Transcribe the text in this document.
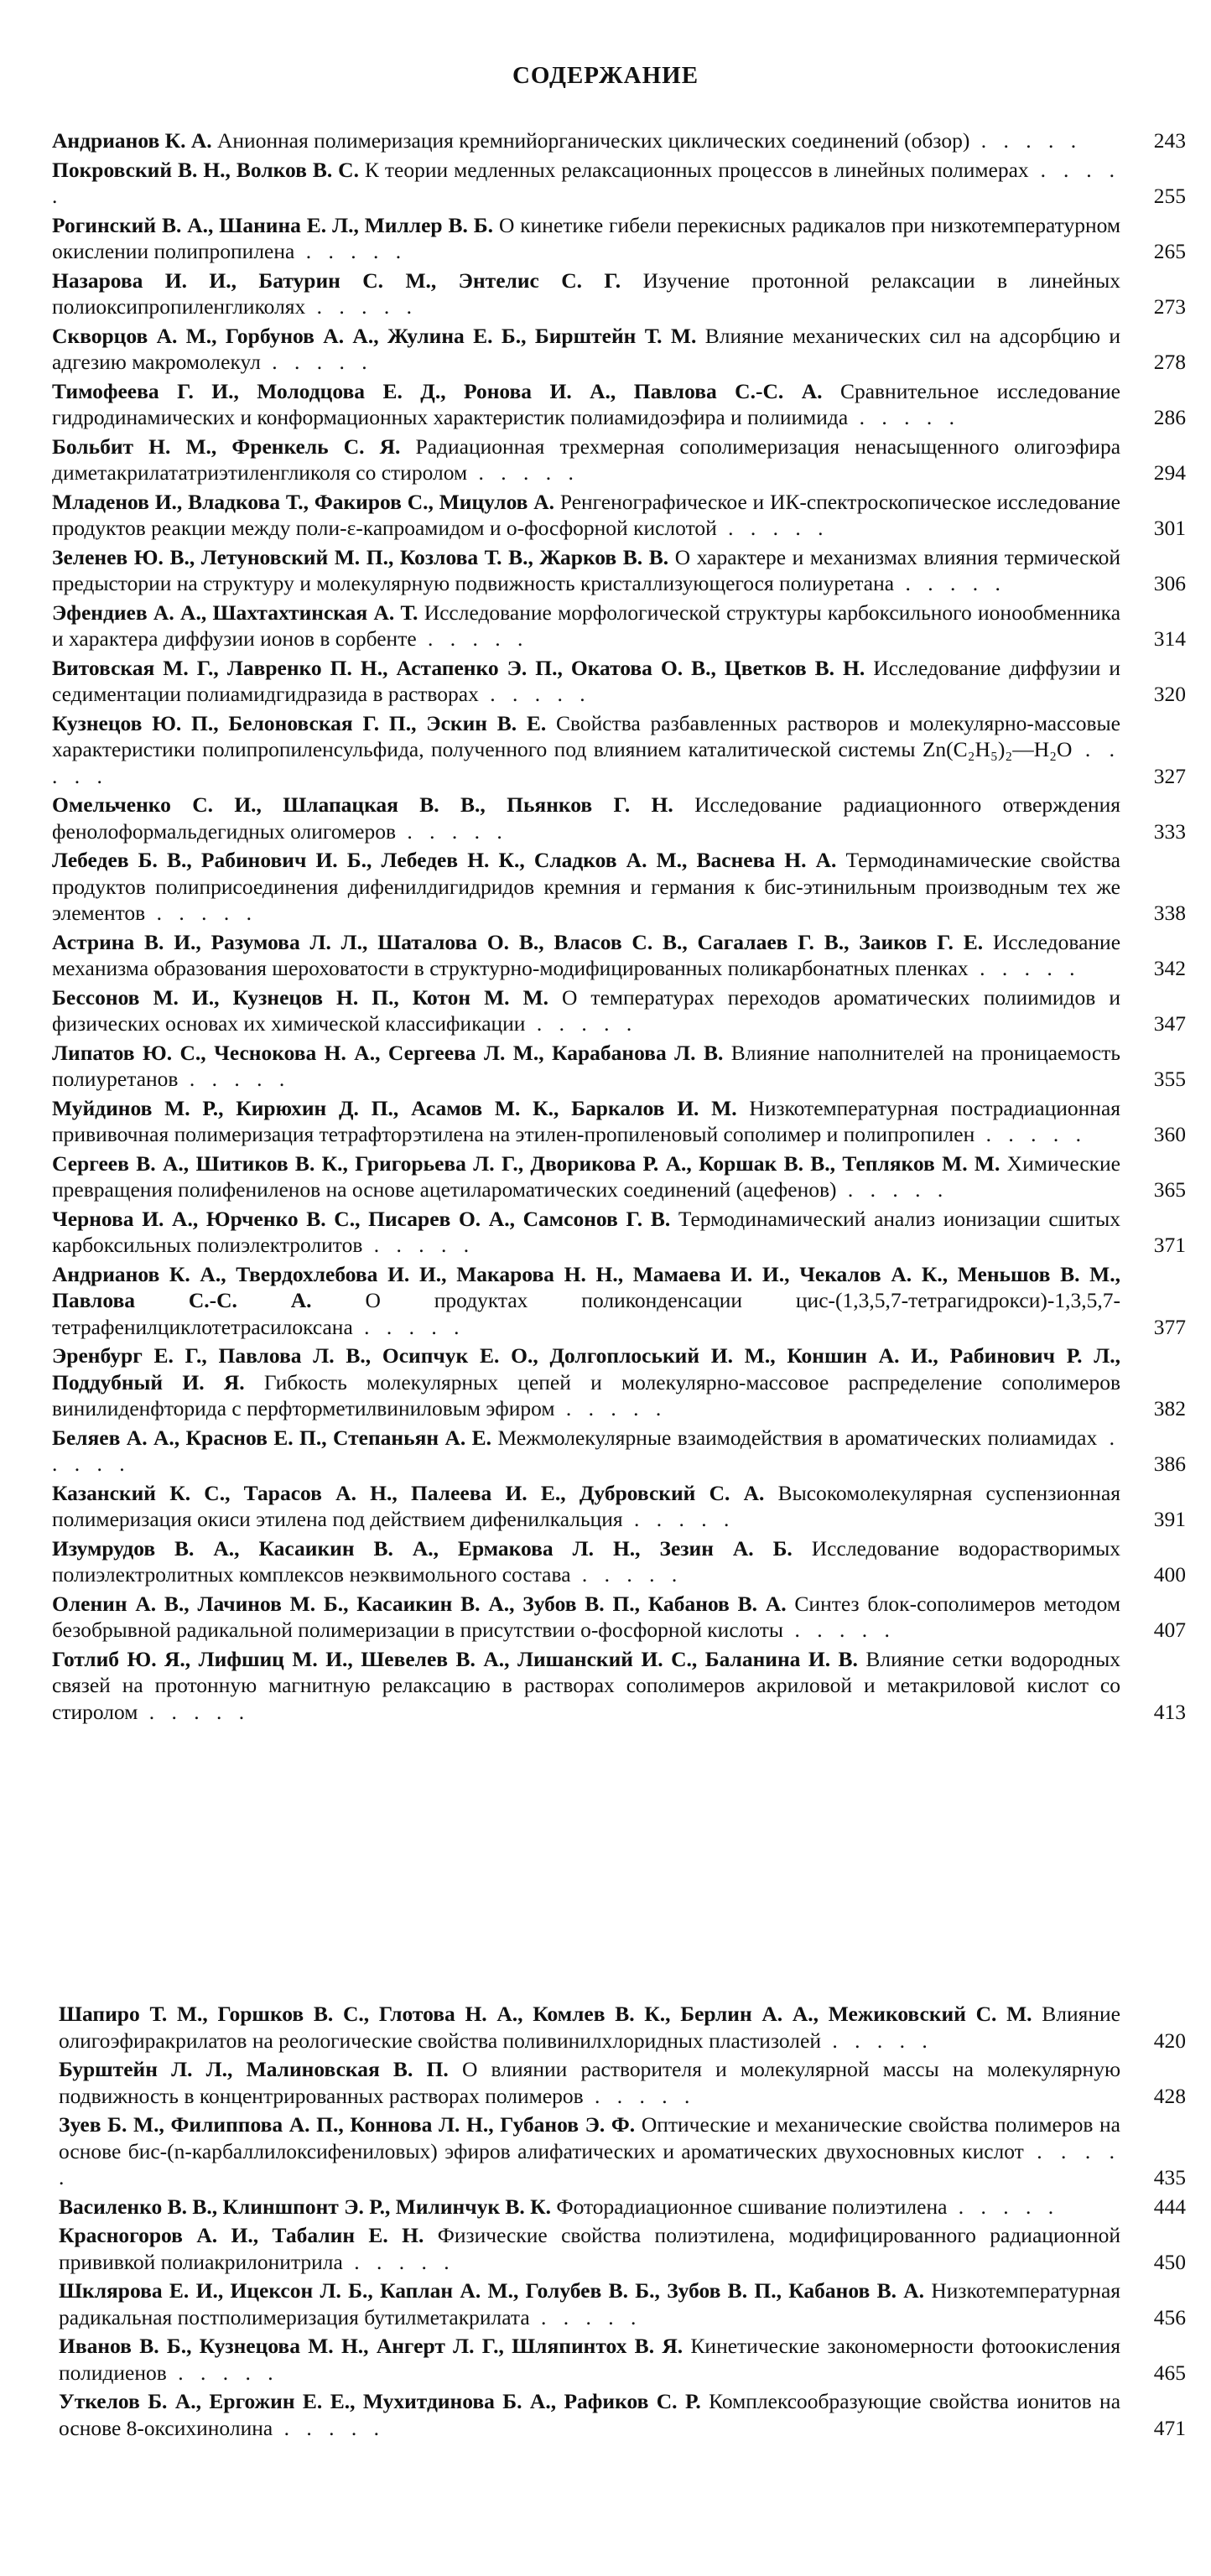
СОДЕРЖАНИЕ
Андрианов К. А. Анионная полимеризация кремнийорганических циклических соединений (обзор) . . . . .	243
Покровский В. Н., Волков В. С. К теории медленных релаксационных процессов в линейных полимерах . . . . .	255
Рогинский В. А., Шанина Е. Л., Миллер В. Б. О кинетике гибели перекисных радикалов при низкотемпературном окислении полипропилена . . . . .	265
Назарова И. И., Батурин С. М., Энтелис С. Г. Изучение протонной релаксации в линейных полиоксипропиленгликолях . . . . .	273
Скворцов А. М., Горбунов А. А., Жулина Е. Б., Бирштейн Т. М. Влияние механических сил на адсорбцию и адгезию макромолекул . . . . .	278
Тимофеева Г. И., Молодцова Е. Д., Ронова И. А., Павлова С.-С. А. Сравнительное исследование гидродинамических и конформационных характеристик полиамидоэфира и полиимида . . . . .	286
Больбит Н. М., Френкель С. Я. Радиационная трехмерная сополимеризация ненасыщенного олигоэфира диметакрилататриэтиленгликоля со стиролом . . . . .	294
Младенов И., Владкова Т., Факиров С., Мицулов А. Ренгенографическое и ИК-спектроскопическое исследование продуктов реакции между поли-ε-капроамидом и о-фосфорной кислотой . . . . .	301
Зеленев Ю. В., Летуновский М. П., Козлова Т. В., Жарков В. В. О характере и механизмах влияния термической предыстории на структуру и молекулярную подвижность кристаллизующегося полиуретана . . . . .	306
Эфендиев А. А., Шахтахтинская А. Т. Исследование морфологической структуры карбоксильного ионообменника и характера диффузии ионов в сорбенте . . . . .	314
Витовская М. Г., Лавренко П. Н., Астапенко Э. П., Окатова О. В., Цветков В. Н. Исследование диффузии и седиментации полиамидгидразида в растворах . . . . .	320
Кузнецов Ю. П., Белоновская Г. П., Эскин В. Е. Свойства разбавленных растворов и молекулярно-массовые характеристики полипропиленсульфида, полученного под влиянием каталитической системы Zn(C₂H₅)₂—H₂O . . . . .	327
Омельченко С. И., Шлапацкая В. В., Пьянков Г. Н. Исследование радиационного отверждения фенолоформальдегидных олигомеров . . . . .	333
Лебедев Б. В., Рабинович И. Б., Лебедев Н. К., Сладков А. М., Васнева Н. А. Термодинамические свойства продуктов полиприсоединения дифенилдигидридов кремния и германия к бис-этинильным производным тех же элементов . . . . .	338
Астрина В. И., Разумова Л. Л., Шаталова О. В., Власов С. В., Сагалаев Г. В., Заиков Г. Е. Исследование механизма образования шероховатости в структурно-модифицированных поликарбонатных пленках . . . . .	342
Бессонов М. И., Кузнецов Н. П., Котон М. М. О температурах переходов ароматических полиимидов и физических основах их химической классификации . . . . .	347
Липатов Ю. С., Чеснокова Н. А., Сергеева Л. М., Карабанова Л. В. Влияние наполнителей на проницаемость полиуретанов . . . . .	355
Муйдинов М. Р., Кирюхин Д. П., Асамов М. К., Баркалов И. М. Низкотемпературная пострадиационная прививочная полимеризация тетрафторэтилена на этилен-пропиленовый сополимер и полипропилен . . . . .	360
Сергеев В. А., Шитиков В. К., Григорьева Л. Г., Дворикова Р. А., Коршак В. В., Тепляков М. М. Химические превращения полифениленов на основе ацетилароматических соединений (ацефенов) . . . . .	365
Чернова И. А., Юрченко В. С., Писарев О. А., Самсонов Г. В. Термодинамический анализ ионизации сшитых карбоксильных полиэлектролитов . . . . .	371
Андрианов К. А., Твердохлебова И. И., Макарова Н. Н., Мамаева И. И., Чекалов А. К., Меньшов В. М., Павлова С.-С. А.	О продуктах поликонденсации цис-(1,3,5,7-тетрагидрокси)-1,3,5,7-тетрафенилциклотетрасилоксана . . . . .	377
Эренбург Е. Г., Павлова Л. В., Осипчук Е. О., Долгоплоський И. М., Коншин А. И., Рабинович Р. Л., Поддубный И. Я. Гибкость молекулярных цепей и молекулярно-массовое распределение сополимеров винилиденфторида с перфторметилвиниловым эфиром . . . . .	382
Беляев А. А., Краснов Е. П., Степаньян А. Е. Межмолекулярные взаимодействия в ароматических полиамидах . . . . .	386
Казанский К. С., Тарасов А. Н., Палеева И. Е., Дубровский С. А. Высокомолекулярная суспензионная полимеризация окиси этилена под действием дифенилкальция . . . . .	391
Изумрудов В. А., Касаикин В. А., Ермакова Л. Н., Зезин А. Б. Исследование водорастворимых полиэлектролитных комплексов неэквимольного состава . . . . .	400
Оленин А. В., Лачинов М. Б., Касаикин В. А., Зубов В. П., Кабанов В. А. Синтез блок-сополимеров методом безобрывной радикальной полимеризации в присутствии о-фосфорной кислоты . . . . .	407
Готлиб Ю. Я., Лифшиц М. И., Шевелев В. А., Лишанский И. С., Баланина И. В. Влияние сетки водородных связей на протонную магнитную релаксацию в растворах сополимеров акриловой и метакриловой кислот со стиролом . . . . .	413
Шапиро Т. М., Горшков В. С., Глотова Н. А., Комлев В. К., Берлин А. А., Межиковский С. М. Влияние олигоэфиракрилатов на реологические свойства поливинилхлоридных пластизолей . . . . .	420
Бурштейн Л. Л., Малиновская В. П. О влиянии растворителя и молекулярной массы на молекулярную подвижность в концентрированных растворах полимеров . . . . .	428
Зуев Б. М., Филиппова А. П., Коннова Л. Н., Губанов Э. Ф. Оптические и механические свойства полимеров на основе бис-(n-карбаллилоксифениловых) эфиров алифатических и ароматических двухосновных кислот . . . . .	435
Василенко В. В., Клиншпонт Э. Р., Милинчук В. К. Фоторадиационное сшивание полиэтилена . . . . .	444
Красногоров А. И., Табалин Е. Н. Физические свойства полиэтилена, модифицированного радиационной прививкой полиакрилонитрила . . . . .	450
Шклярова Е. И., Ицексон Л. Б., Каплан А. М., Голубев В. Б., Зубов В. П., Кабанов В. А. Низкотемпературная радикальная постполимеризация бутилметакрилата . . . . .	456
Иванов В. Б., Кузнецова М. Н., Ангерт Л. Г., Шляпинтох В. Я. Кинетические закономерности фотоокисления полидиенов . . . . .	465
Уткелов Б. А., Ергожин Е. Е., Мухитдинова Б. А., Рафиков С. Р. Комплексообразующие свойства ионитов на основе 8-оксихинолина . . . . .	471
